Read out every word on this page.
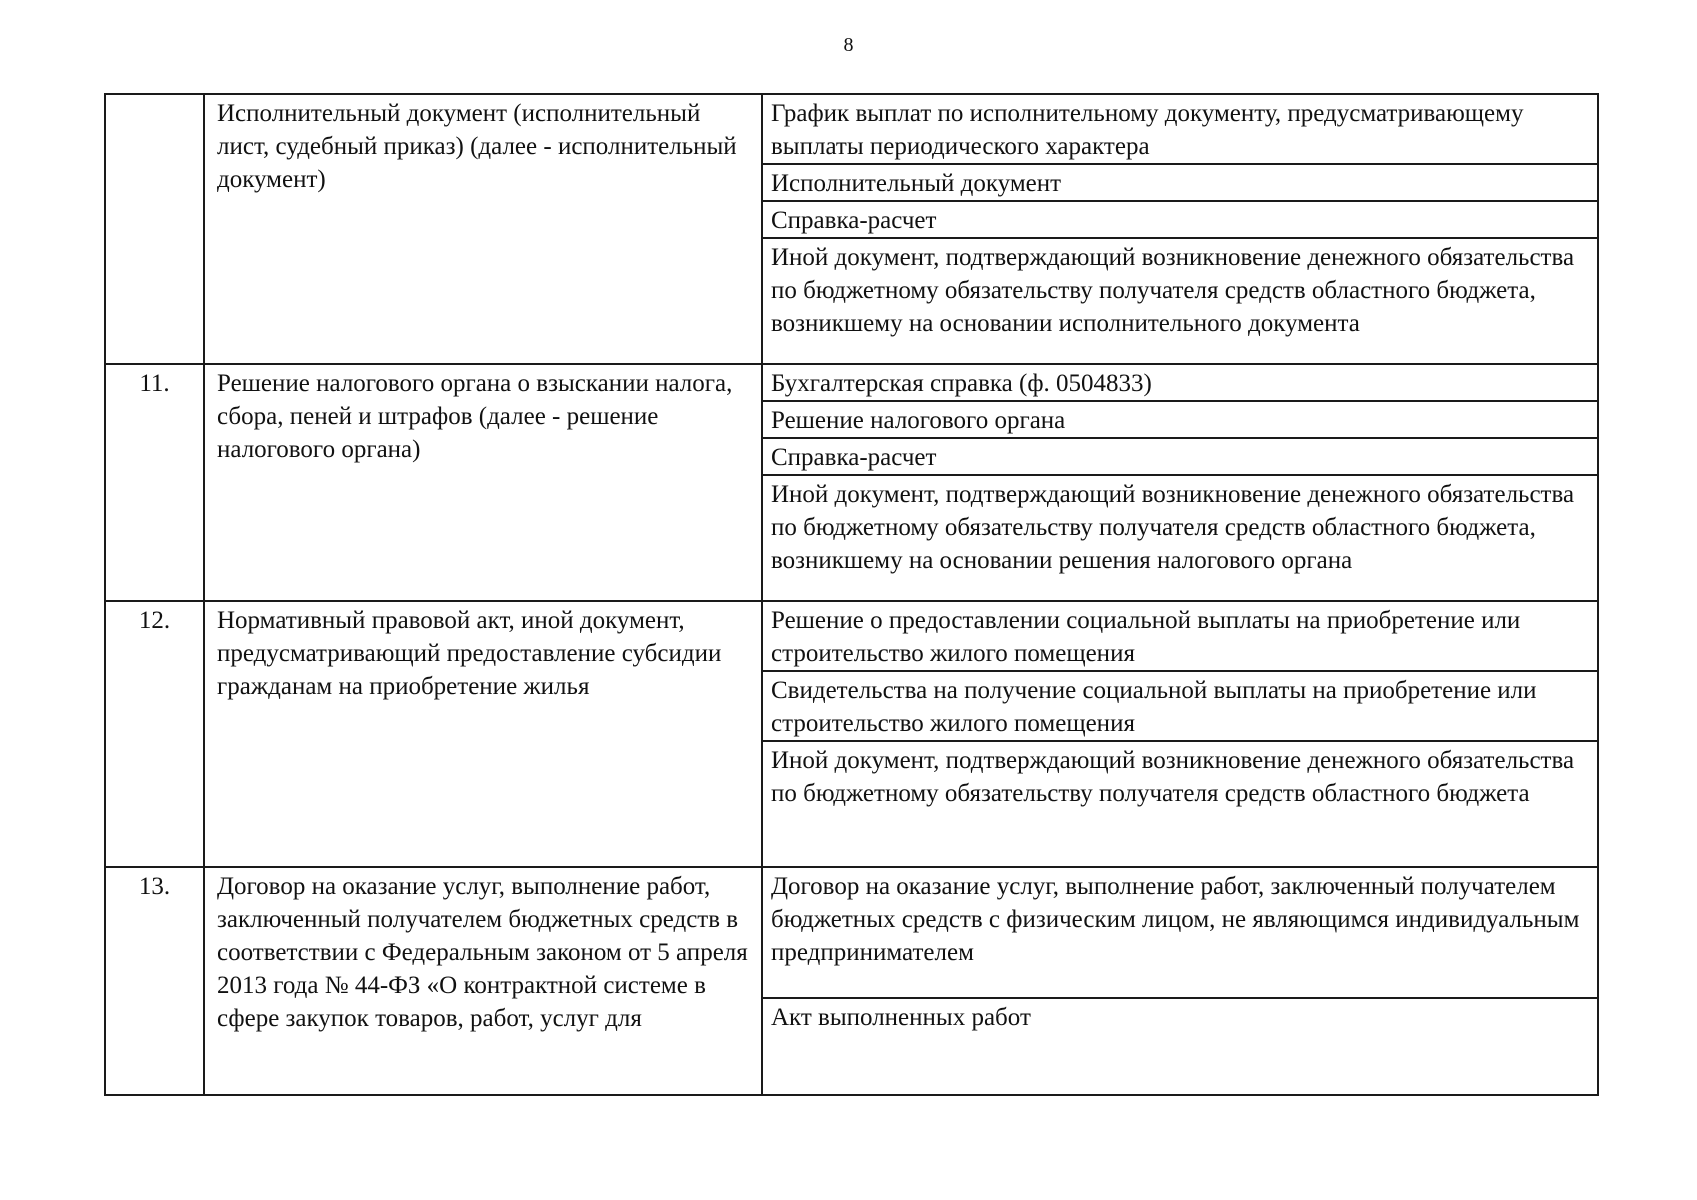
8
	Исполнительный документ (исполнительный лист, судебный приказ) (далее - исполнительный документ)	График выплат по исполнительному документу, предусматривающему выплаты периодического характера
		Исполнительный документ
		Справка-расчет
		Иной документ, подтверждающий возникновение денежного обязательства по бюджетному обязательству получателя средств областного бюджета, возникшему на основании исполнительного документа
11.	Решение налогового органа о взыскании налога, сбора, пеней и штрафов (далее - решение налогового органа)	Бухгалтерская справка (ф. 0504833)
		Решение налогового органа
		Справка-расчет
		Иной документ, подтверждающий возникновение денежного обязательства по бюджетному обязательству получателя средств областного бюджета, возникшему на основании решения налогового органа
12.	Нормативный правовой акт, иной документ, предусматривающий предоставление субсидии гражданам на приобретение жилья	Решение о предоставлении социальной выплаты на приобретение или строительство жилого помещения
		Свидетельства на получение социальной выплаты на приобретение или строительство жилого помещения
		Иной документ, подтверждающий возникновение денежного обязательства по бюджетному обязательству получателя средств областного бюджета
13.	Договор на оказание услуг, выполнение работ, заключенный получателем бюджетных средств в соответствии с Федеральным законом от 5 апреля 2013 года № 44-ФЗ «О контрактной системе в сфере закупок товаров, работ, услуг для	Договор на оказание услуг, выполнение работ, заключенный получателем бюджетных средств с физическим лицом, не являющимся индивидуальным предпринимателем
		Акт выполненных работ
